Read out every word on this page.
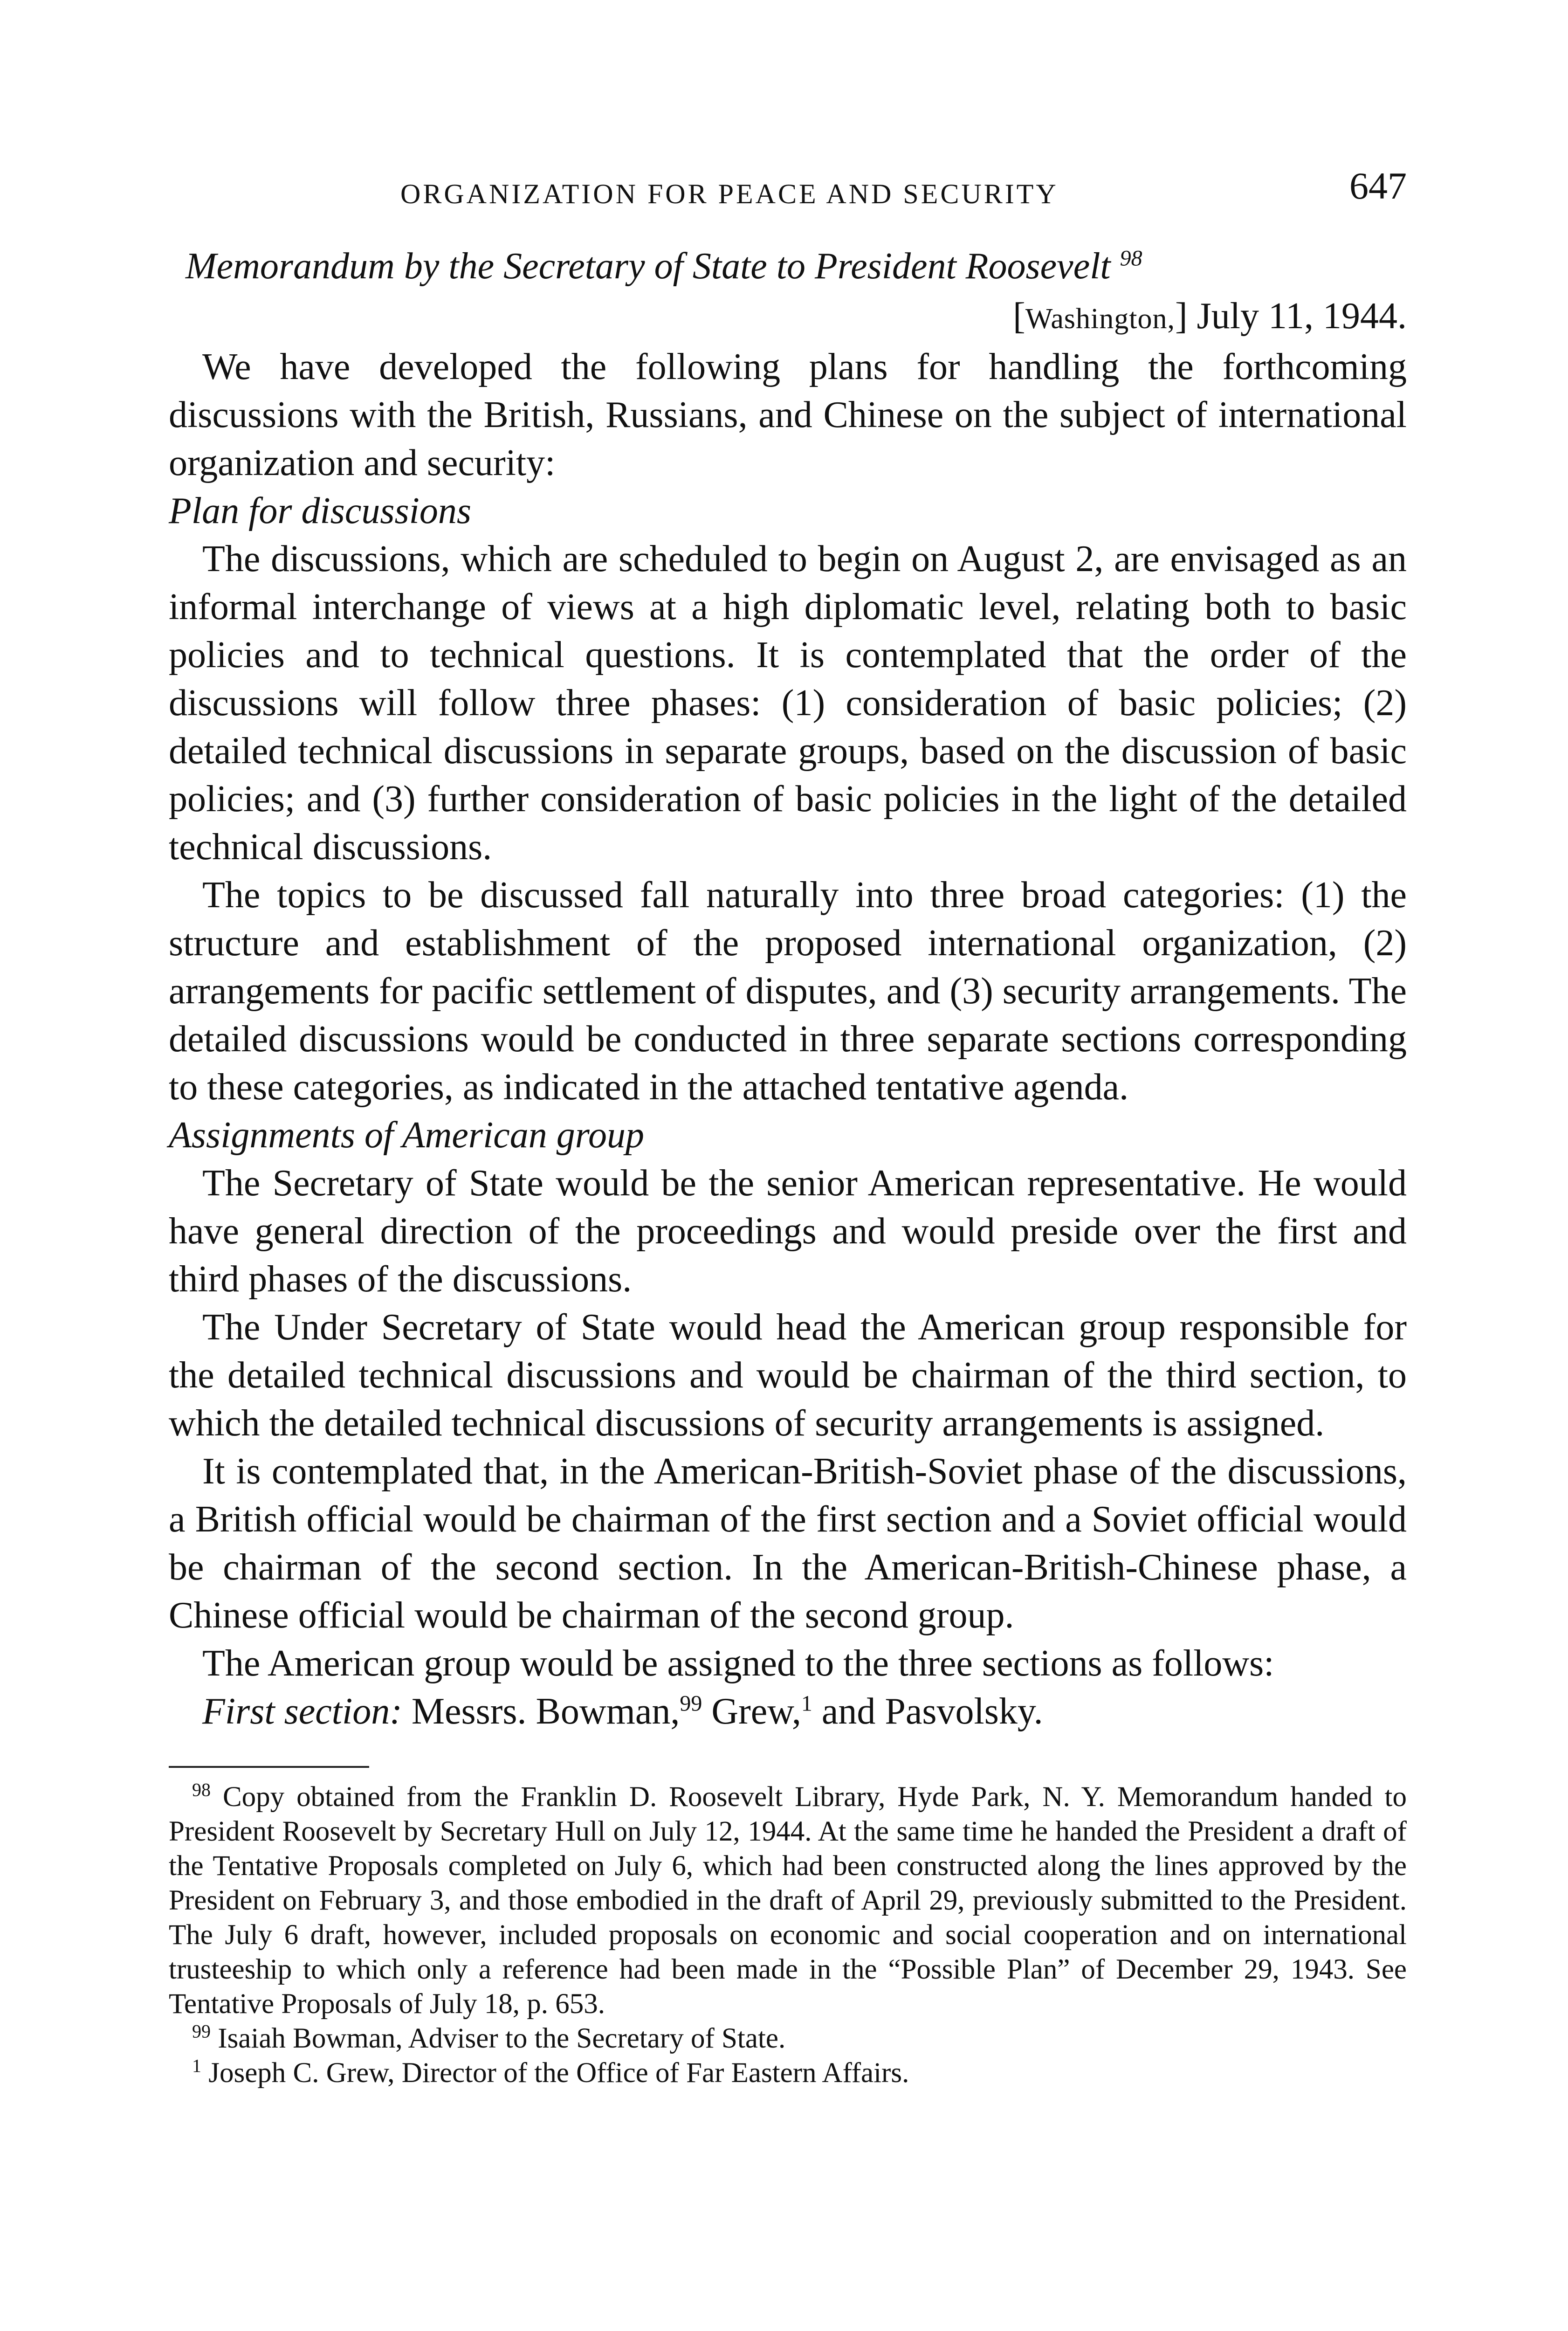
ORGANIZATION FOR PEACE AND SECURITY	647
Memorandum by the Secretary of State to President Roosevelt $^{98}$
[Washington,] July 11, 1944.

We have developed the following plans for handling the forthcoming discussions with the British, Russians, and Chinese on the subject of international organization and security:

Plan for discussions

The discussions, which are scheduled to begin on August 2, are envisaged as an informal interchange of views at a high diplomatic level, relating both to basic policies and to technical questions. It is contemplated that the order of the discussions will follow three phases: (1) consideration of basic policies; (2) detailed technical discussions in separate groups, based on the discussion of basic policies; and (3) further consideration of basic policies in the light of the detailed technical discussions.

The topics to be discussed fall naturally into three broad categories: (1) the structure and establishment of the proposed international organization, (2) arrangements for pacific settlement of disputes, and (3) security arrangements. The detailed discussions would be conducted in three separate sections corresponding to these categories, as indicated in the attached tentative agenda.

Assignments of American group

The Secretary of State would be the senior American representative. He would have general direction of the proceedings and would preside over the first and third phases of the discussions.

The Under Secretary of State would head the American group responsible for the detailed technical discussions and would be chairman of the third section, to which the detailed technical discussions of security arrangements is assigned.

It is contemplated that, in the American-British-Soviet phase of the discussions, a British official would be chairman of the first section and a Soviet official would be chairman of the second section. In the American-British-Chinese phase, a Chinese official would be chairman of the second group.

The American group would be assigned to the three sections as follows:

First section: Messrs. Bowman,$^{99}$ Grew,$^1$ and Pasvolsky.

$^{98}$ Copy obtained from the Franklin D. Roosevelt Library, Hyde Park, N. Y. Memorandum handed to President Roosevelt by Secretary Hull on July 12, 1944. At the same time he handed the President a draft of the Tentative Proposals completed on July 6, which had been constructed along the lines approved by the President on February 3, and those embodied in the draft of April 29, previously submitted to the President. The July 6 draft, however, included proposals on economic and social cooperation and on international trusteeship to which only a reference had been made in the “Possible Plan” of December 29, 1943. See Tentative Proposals of July 18, p. 653.

$^{99}$ Isaiah Bowman, Adviser to the Secretary of State.

$^1$ Joseph C. Grew, Director of the Office of Far Eastern Affairs.
